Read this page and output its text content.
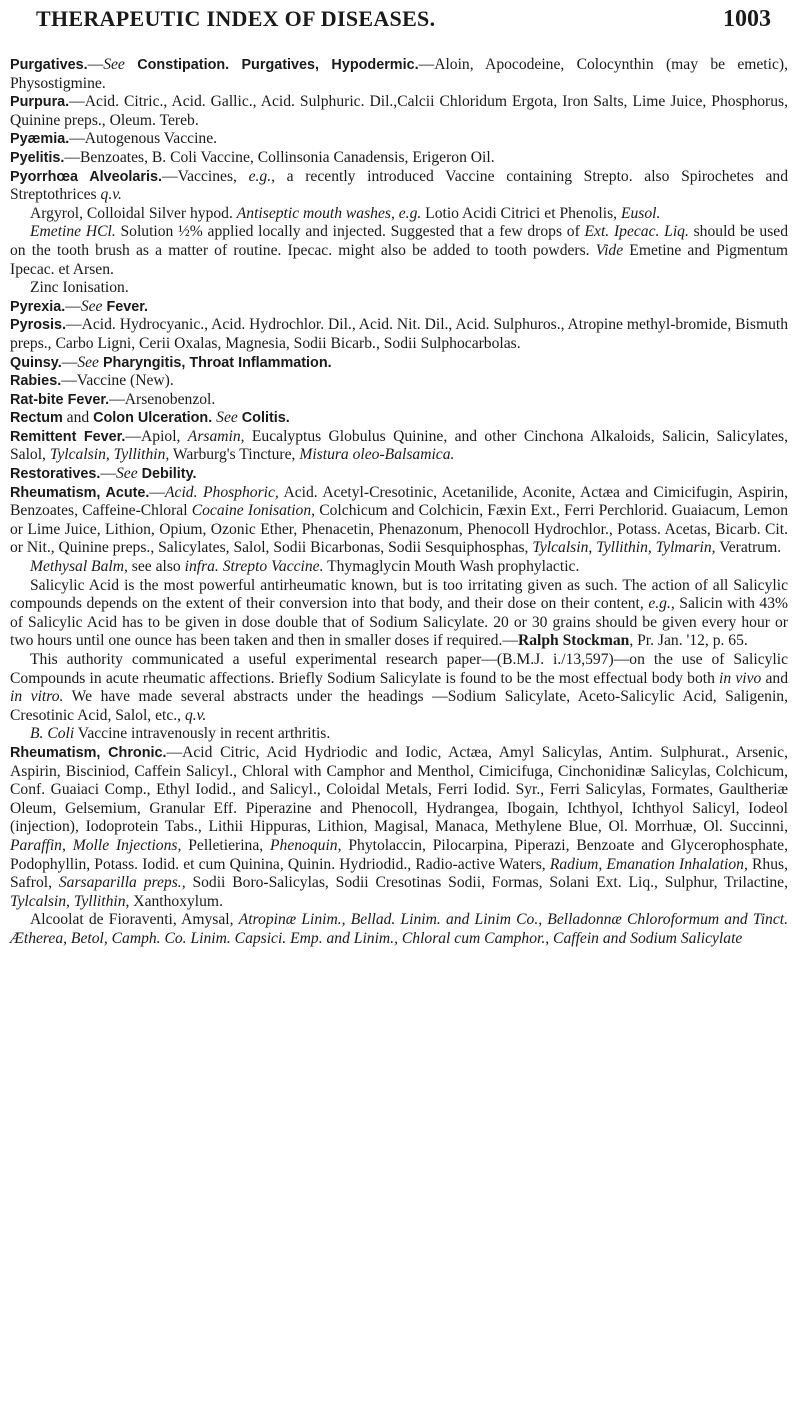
THERAPEUTIC INDEX OF DISEASES.	1003

Purgatives.—See Constipation. Purgatives, Hypodermic.—Aloin, Apocodeine, Colocynthin (may be emetic), Physostigmine.

Purpura.—Acid. Citric., Acid. Gallic., Acid. Sulphuric. Dil.,Calcii Chloridum Ergota, Iron Salts, Lime Juice, Phosphorus, Quinine preps., Oleum. Tereb.

Pyæmia.—Autogenous Vaccine.

Pyelitis.—Benzoates, B. Coli Vaccine, Collinsonia Canadensis, Erigeron Oil.

Pyorrhœa Alveolaris.—Vaccines, e.g., a recently introduced Vaccine containing Strepto. also Spirochetes and Streptothrices q.v.

Argyrol, Colloidal Silver hypod. Antiseptic mouth washes, e.g. Lotio Acidi Citrici et Phenolis, Eusol.

Emetine HCl. Solution ½% applied locally and injected. Suggested that a few drops of Ext. Ipecac. Liq. should be used on the tooth brush as a matter of routine. Ipecac. might also be added to tooth powders. Vide Emetine and Pigmentum Ipecac. et Arsen.

Zinc Ionisation.

Pyrexia.—See Fever.

Pyrosis.—Acid. Hydrocyanic., Acid. Hydrochlor. Dil., Acid. Nit. Dil., Acid. Sulphuros., Atropine methyl-bromide, Bismuth preps., Carbo Ligni, Cerii Oxalas, Magnesia, Sodii Bicarb., Sodii Sulphocarbolas.

Quinsy.—See Pharyngitis, Throat Inflammation.

Rabies.—Vaccine (New).

Rat-bite Fever.—Arsenobenzol.

Rectum and Colon Ulceration. See Colitis.

Remittent Fever.—Apiol, Arsamin, Eucalyptus Globulus Quinine, and other Cinchona Alkaloids, Salicin, Salicylates, Salol, Tylcalsin, Tyllithin, Warburg's Tincture, Mistura oleo-Balsamica.

Restoratives.—See Debility.

Rheumatism, Acute.—Acid. Phosphoric, Acid. Acetyl-Cresotinic, Acetanilide, Aconite, Actæa and Cimicifugin, Aspirin, Benzoates, Caffeine-Chloral Cocaine Ionisation, Colchicum and Colchicin, Fæxin Ext., Ferri Perchlorid. Guaiacum, Lemon or Lime Juice, Lithion, Opium, Ozonic Ether, Phenacetin, Phenazonum, Phenocoll Hydrochlor., Potass. Acetas, Bicarb. Cit. or Nit., Quinine preps., Salicylates, Salol, Sodii Bicarbonas, Sodii Sesquiphosphas, Tylcalsin, Tyllithin, Tylmarin, Veratrum.

Methysal Balm, see also infra. Strepto Vaccine. Thymaglycin Mouth Wash prophylactic.

Salicylic Acid is the most powerful antirheumatic known, but is too irritating given as such. The action of all Salicylic compounds depends on the extent of their conversion into that body, and their dose on their content, e.g., Salicin with 43% of Salicylic Acid has to be given in dose double that of Sodium Salicylate. 20 or 30 grains should be given every hour or two hours until one ounce has been taken and then in smaller doses if required.—Ralph Stockman, Pr. Jan. '12, p. 65.

This authority communicated a useful experimental research paper—(B.M.J. i./13,597)—on the use of Salicylic Compounds in acute rheumatic affections. Briefly Sodium Salicylate is found to be the most effectual body both in vivo and in vitro. We have made several abstracts under the headings —Sodium Salicylate, Aceto-Salicylic Acid, Saligenin, Cresotinic Acid, Salol, etc., q.v.

B. Coli Vaccine intravenously in recent arthritis.

Rheumatism, Chronic.—Acid Citric, Acid Hydriodic and Iodic, Actæa, Amyl Salicylas, Antim. Sulphurat., Arsenic, Aspirin, Bisciniod, Caffein Salicyl., Chloral with Camphor and Menthol, Cimicifuga, Cinchonidinæ Salicylas, Colchicum, Conf. Guaiaci Comp., Ethyl Iodid., and Salicyl., Coloidal Metals, Ferri Iodid. Syr., Ferri Salicylas, Formates, Gaultheriæ Oleum, Gelsemium, Granular Eff. Piperazine and Phenocoll, Hydrangea, Ibogain, Ichthyol, Ichthyol Salicyl, Iodeol (injection), Iodoprotein Tabs., Lithii Hippuras, Lithion, Magisal, Manaca, Methylene Blue, Ol. Morrhuæ, Ol. Succinni, Paraffin, Molle Injections, Pelletierina, Phenoquin, Phytolaccin, Pilocarpina, Piperazi, Benzoate and Glycerophosphate, Podophyllin, Potass. Iodid. et cum Quinina, Quinin. Hydriodid., Radio-active Waters, Radium, Emanation Inhalation, Rhus, Safrol, Sarsaparilla preps., Sodii Boro-Salicylas, Sodii Cresotinas Sodii, Formas, Solani Ext. Liq., Sulphur, Trilactine, Tylcalsin, Tyllithin, Xanthoxylum.

Alcoolat de Fioraventi, Amysal, Atropinæ Linim., Bellad. Linim. and Linim Co., Belladonnæ Chloroformum and Tinct. Ætherea, Betol, Camph. Co. Linim. Capsici. Emp. and Linim., Chloral cum Camphor., Caffein and Sodium Salicylate
